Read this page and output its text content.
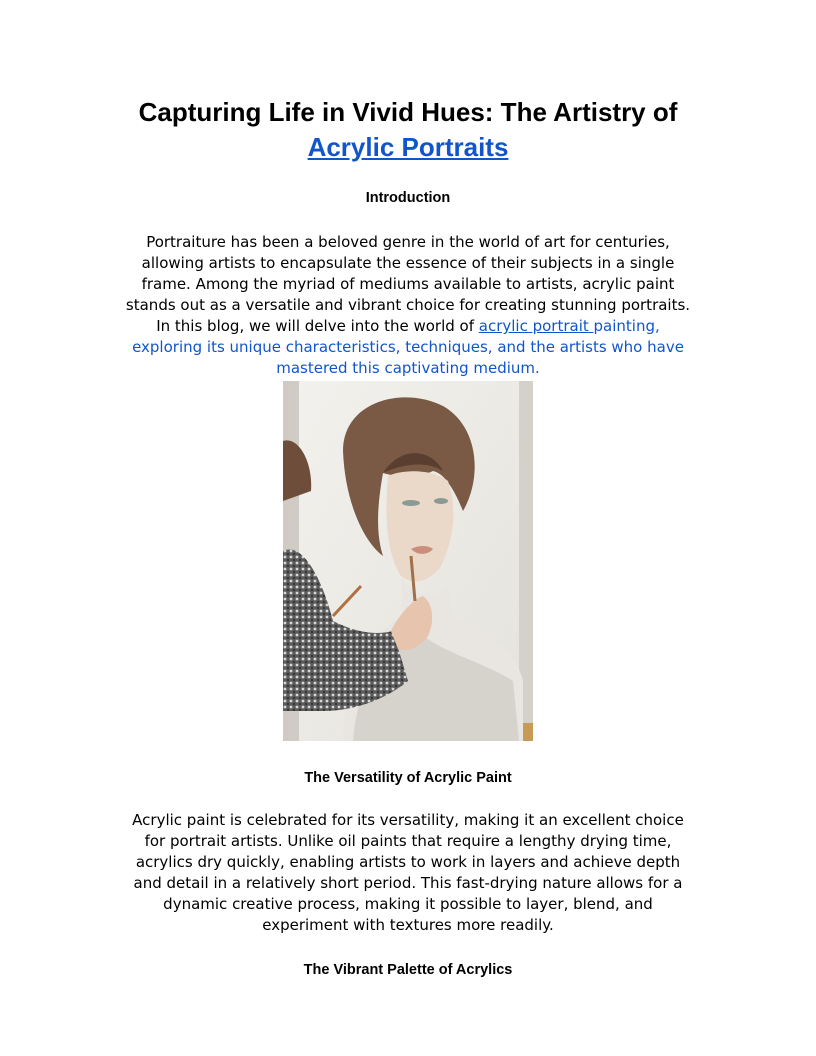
Capturing Life in Vivid Hues: The Artistry of
Acrylic Portraits
Introduction
Portraiture has been a beloved genre in the world of art for centuries,
allowing artists to encapsulate the essence of their subjects in a single
frame. Among the myriad of mediums available to artists, acrylic paint
stands out as a versatile and vibrant choice for creating stunning portraits.
In this blog, we will delve into the world of acrylic portrait painting,
exploring its unique characteristics, techniques, and the artists who have
mastered this captivating medium.
The Versatility of Acrylic Paint
Acrylic paint is celebrated for its versatility, making it an excellent choice
for portrait artists. Unlike oil paints that require a lengthy drying time,
acrylics dry quickly, enabling artists to work in layers and achieve depth
and detail in a relatively short period. This fast-drying nature allows for a
dynamic creative process, making it possible to layer, blend, and
experiment with textures more readily.
The Vibrant Palette of Acrylics
